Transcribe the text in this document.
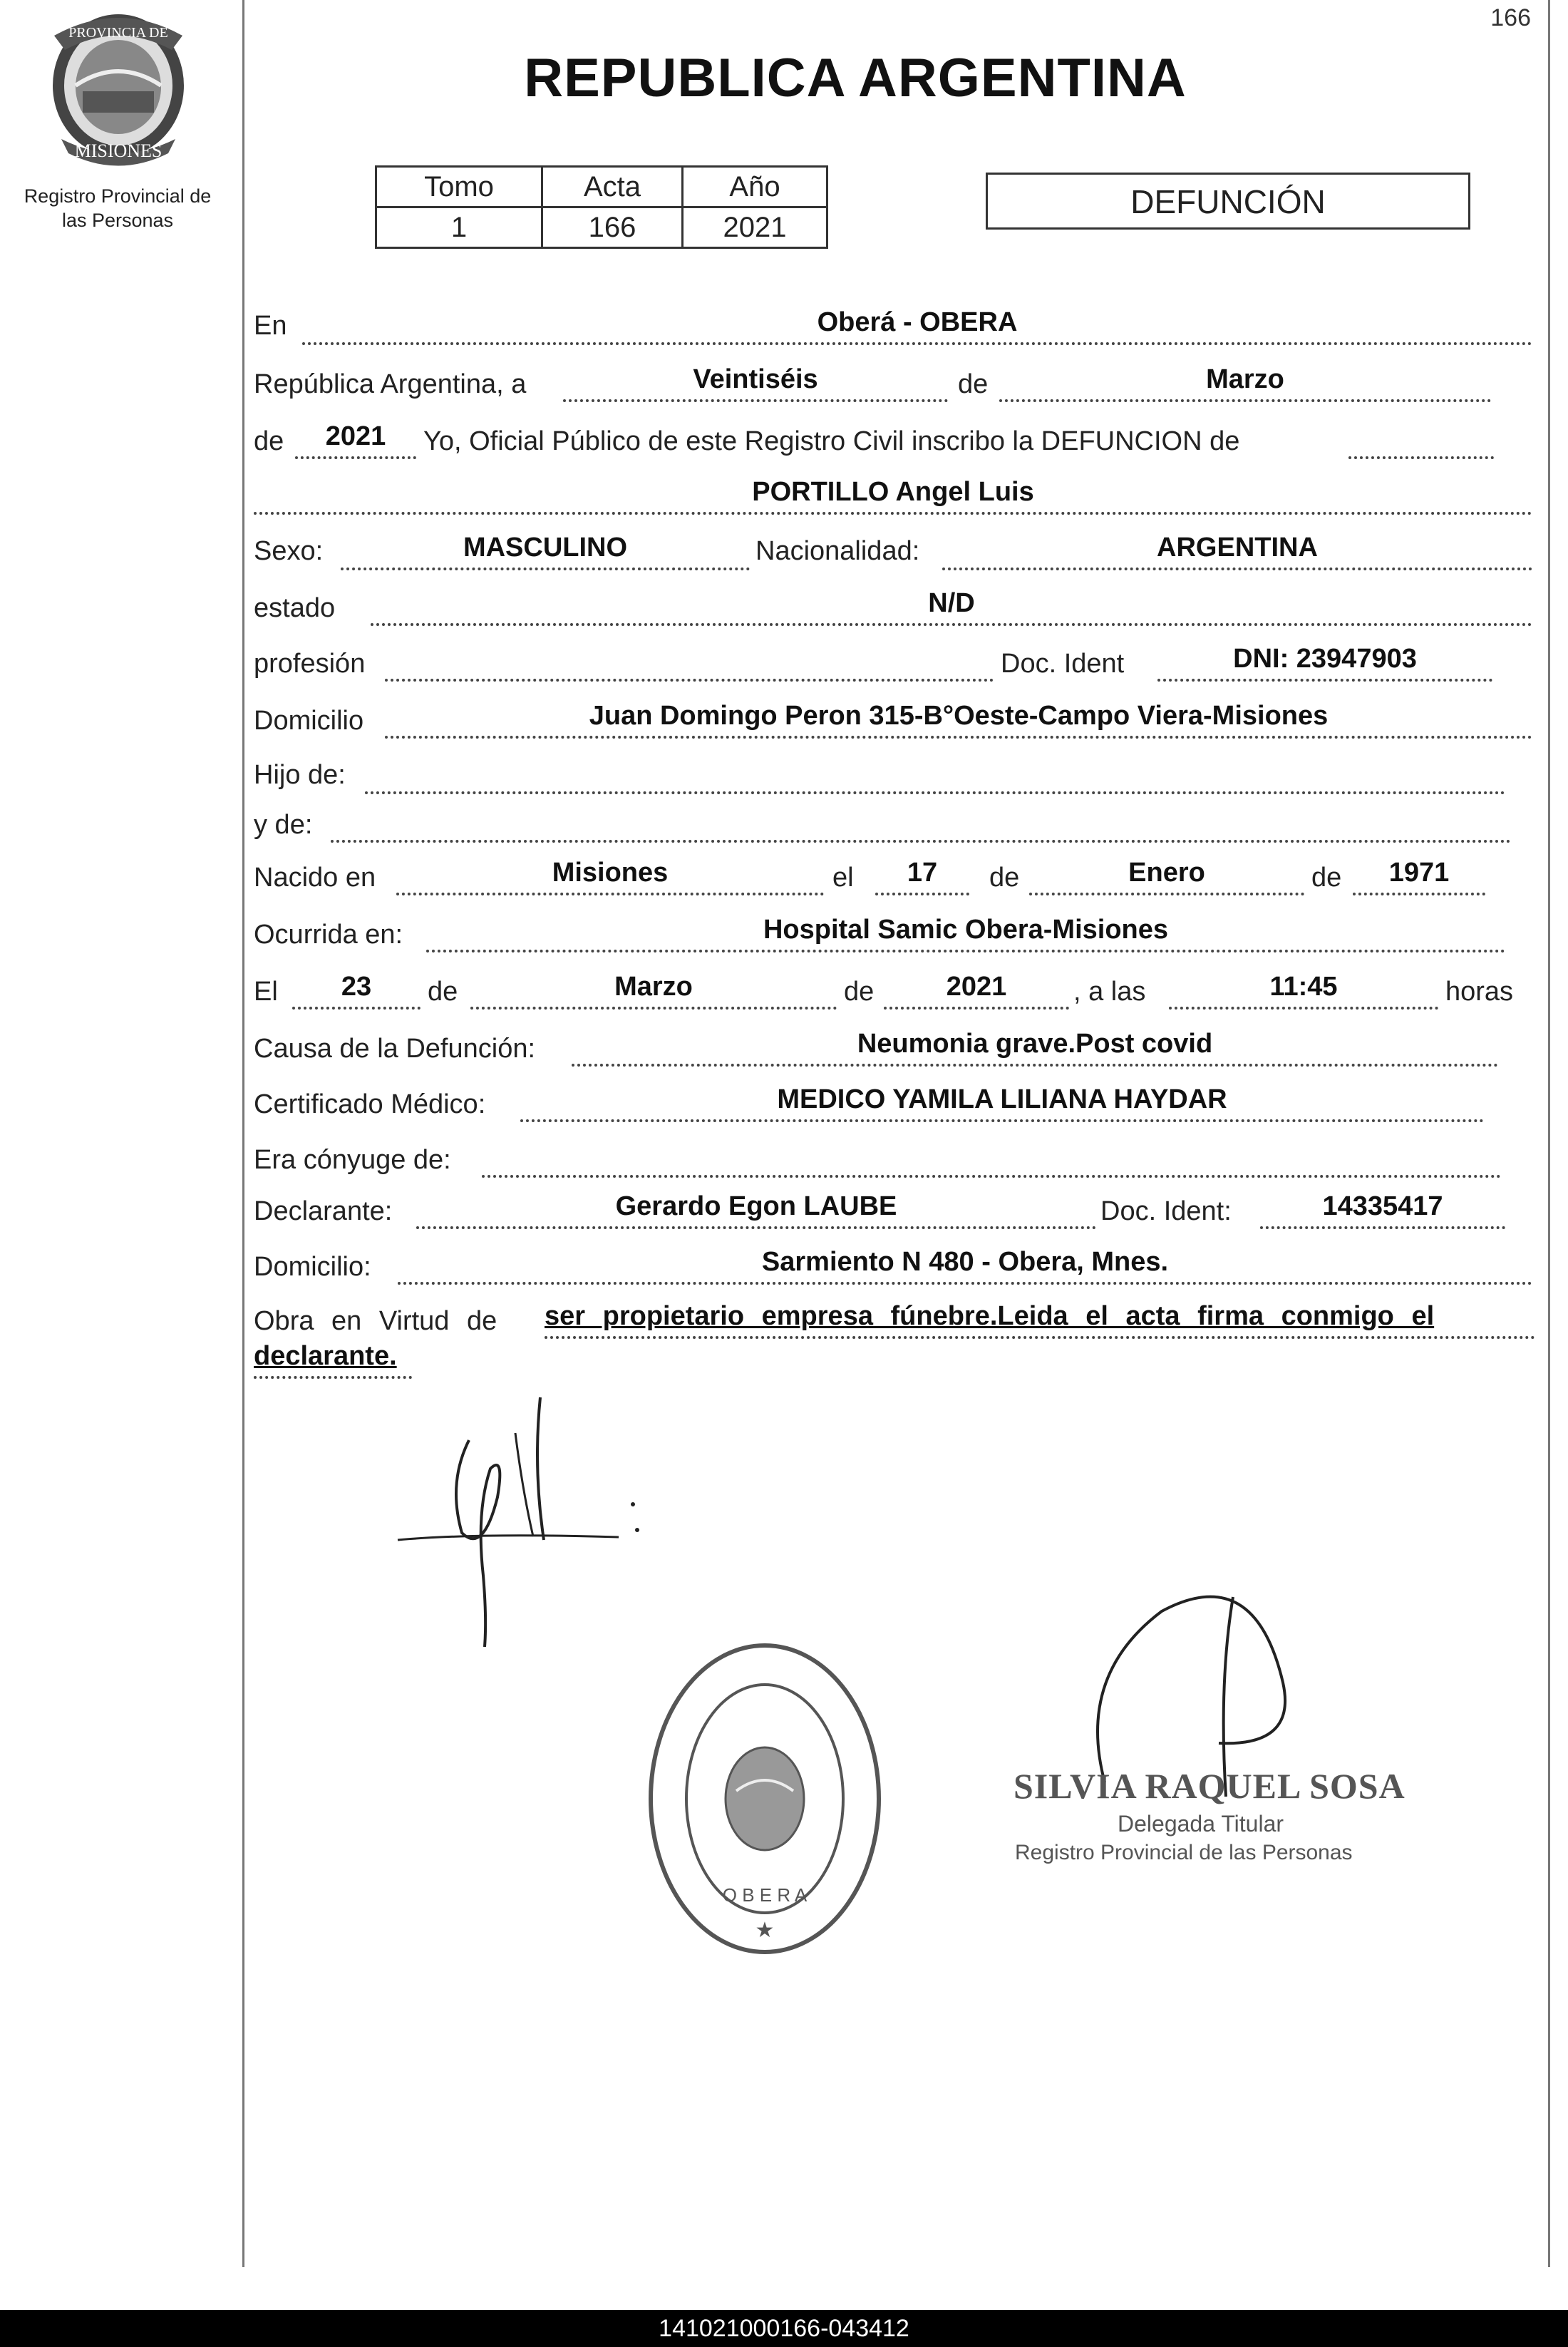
166
PROVINCIA DE
MISIONES
Registro Provincial de
las Personas
REPUBLICA ARGENTINA
Tomo	Acta	Año
1	166	2021
DEFUNCIÓN
En	Oberá - OBERA
República Argentina, a	Veintiséis	de	Marzo
de	2021	Yo, Oficial Público de este Registro Civil inscribo la DEFUNCION de
PORTILLO Angel Luis
Sexo:	MASCULINO	Nacionalidad:	ARGENTINA
estado	N/D
profesión	Doc. Ident	DNI: 23947903
Domicilio	Juan Domingo Peron 315-B°Oeste-Campo Viera-Misiones
Hijo de:
y de:
Nacido en	Misiones	el	17	de	Enero	de	1971
Ocurrida en:	Hospital Samic Obera-Misiones
El	23	de	Marzo	de	2021	, a las	11:45	horas
Causa de la Defunción:	Neumonia grave.Post covid
Certificado Médico:	MEDICO YAMILA LILIANA HAYDAR
Era cónyuge de:
Declarante:	Gerardo Egon LAUBE	Doc. Ident:	14335417
Domicilio:	Sarmiento N 480 - Obera, Mnes.
Obra en Virtud de ser propietario empresa fúnebre.Leida el acta firma conmigo el
declarante.
O B E R A
★
SILVIA RAQUEL SOSA
Delegada Titular
Registro Provincial de las Personas
141021000166-043412
